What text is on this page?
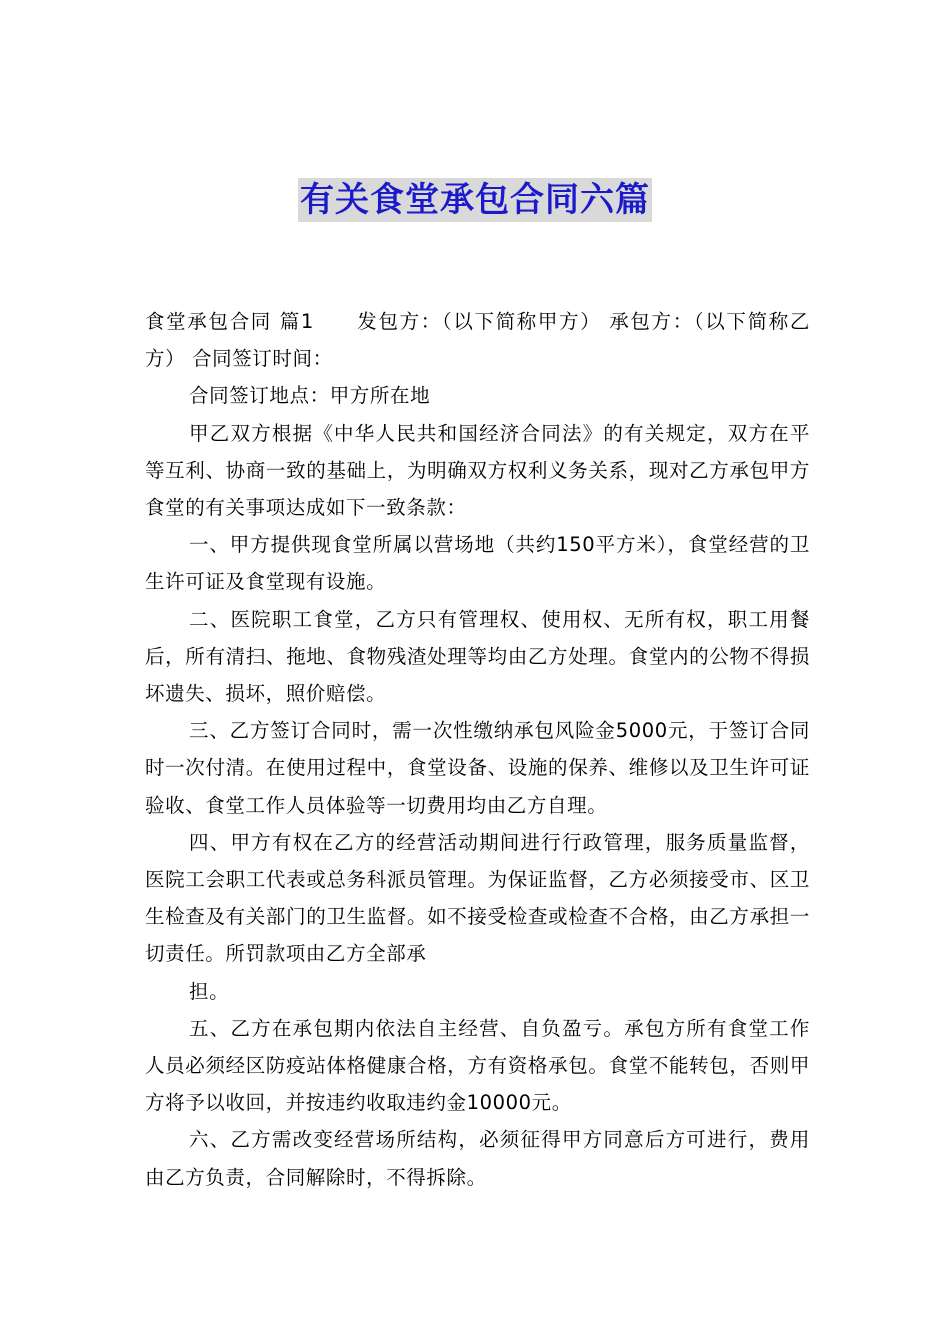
有关食堂承包合同六篇

食堂承包合同 篇1　　发包方：（以下简称甲方） 承包方：（以下简称乙方） 合同签订时间：

合同签订地点：甲方所在地

甲乙双方根据《中华人民共和国经济合同法》的有关规定，双方在平等互利、协商一致的基础上，为明确双方权利义务关系，现对乙方承包甲方食堂的有关事项达成如下一致条款：

一、甲方提供现食堂所属以营场地（共约150平方米），食堂经营的卫生许可证及食堂现有设施。

二、医院职工食堂，乙方只有管理权、使用权、无所有权，职工用餐后，所有清扫、拖地、食物残渣处理等均由乙方处理。食堂内的公物不得损坏遗失、损坏，照价赔偿。

三、乙方签订合同时，需一次性缴纳承包风险金5000元，于签订合同时一次付清。在使用过程中，食堂设备、设施的保养、维修以及卫生许可证验收、食堂工作人员体验等一切费用均由乙方自理。

四、甲方有权在乙方的经营活动期间进行行政管理，服务质量监督，医院工会职工代表或总务科派员管理。为保证监督，乙方必须接受市、区卫生检查及有关部门的卫生监督。如不接受检查或检查不合格，由乙方承担一切责任。所罚款项由乙方全部承

担。

五、乙方在承包期内依法自主经营、自负盈亏。承包方所有食堂工作人员必须经区防疫站体格健康合格，方有资格承包。食堂不能转包，否则甲方将予以收回，并按违约收取违约金10000元。

六、乙方需改变经营场所结构，必须征得甲方同意后方可进行，费用由乙方负责，合同解除时，不得拆除。
